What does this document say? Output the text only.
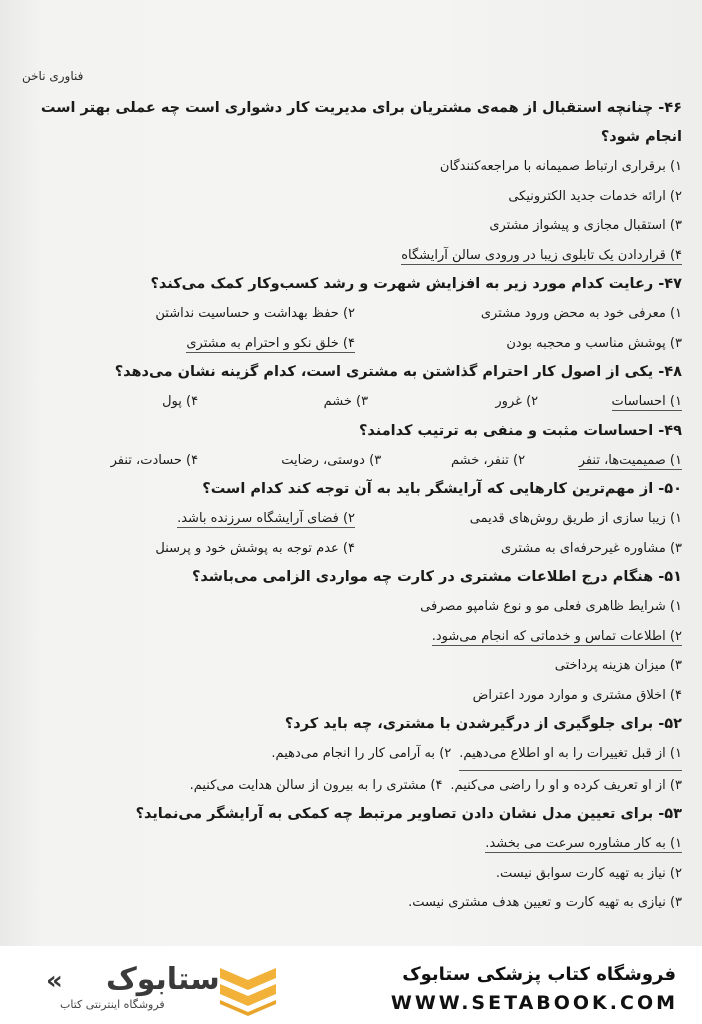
فناوری ناخن

۴۶- چنانچه استقبال از همه‌ی مشتریان برای مدیریت کار دشواری است چه عملی بهتر است انجام شود؟

۱) برقراری ارتباط صمیمانه با مراجعه‌کنندگان

۲) ارائه خدمات جدید الکترونیکی

۳) استقبال مجازی و پیشواز مشتری

۴) قراردادن یک تابلوی زیبا در ورودی سالن آرایشگاه

۴۷- رعایت کدام مورد زیر به افزایش شهرت و رشد کسب‌وکار کمک می‌کند؟

۱) معرفی خود به محض ورود مشتری
۲) حفظ بهداشت و حساسیت نداشتن
۳) پوشش مناسب و محجبه بودن
۴) خلق نکو و احترام به مشتری

۴۸- یکی از اصول کار احترام گذاشتن به مشتری است، کدام گزینه نشان می‌دهد؟

۱) احساسات
۲) غرور
۳) خشم
۴) پول

۴۹- احساسات مثبت و منفی به ترتیب کدامند؟

۱) صمیمیت‌ها، تنفر
۲) تنفر، خشم
۳) دوستی، رضایت
۴) حسادت، تنفر

۵۰- از مهم‌ترین کارهایی که آرایشگر باید به آن توجه کند کدام است؟

۱) زیبا سازی از طریق روش‌های قدیمی
۲) فضای آرایشگاه سرزنده باشد.
۳) مشاوره غیرحرفه‌ای به مشتری
۴) عدم توجه به پوشش خود و پرسنل

۵۱- هنگام درج اطلاعات مشتری در کارت چه مواردی الزامی می‌باشد؟

۱) شرایط ظاهری فعلی مو و نوع شامپو مصرفی

۲) اطلاعات تماس و خدماتی که انجام می‌شود.

۳) میزان هزینه پرداختی

۴) اخلاق مشتری و موارد مورد اعتراض

۵۲- برای جلوگیری از درگیرشدن با مشتری، چه باید کرد؟

۱) از قبل تغییرات را به او اطلاع می‌دهیم.
۲) به آرامی کار را انجام می‌دهیم.
۳) از او تعریف کرده و او را راضی می‌کنیم.
۴) مشتری را به بیرون از سالن هدایت می‌کنیم.

۵۳- برای تعیین مدل نشان دادن تصاویر مرتبط چه کمکی به آرایشگر می‌نماید؟

۱) به کار مشاوره سرعت می بخشد.

۲) نیاز به تهیه کارت سوابق نیست.

۳) نیازی به تهیه کارت و تعیین هدف مشتری نیست.

« ستابوک
فروشگاه اینترنتی کتاب
فروشگاه کتاب پزشکی ستابوک
WWW.SETABOOK.COM
